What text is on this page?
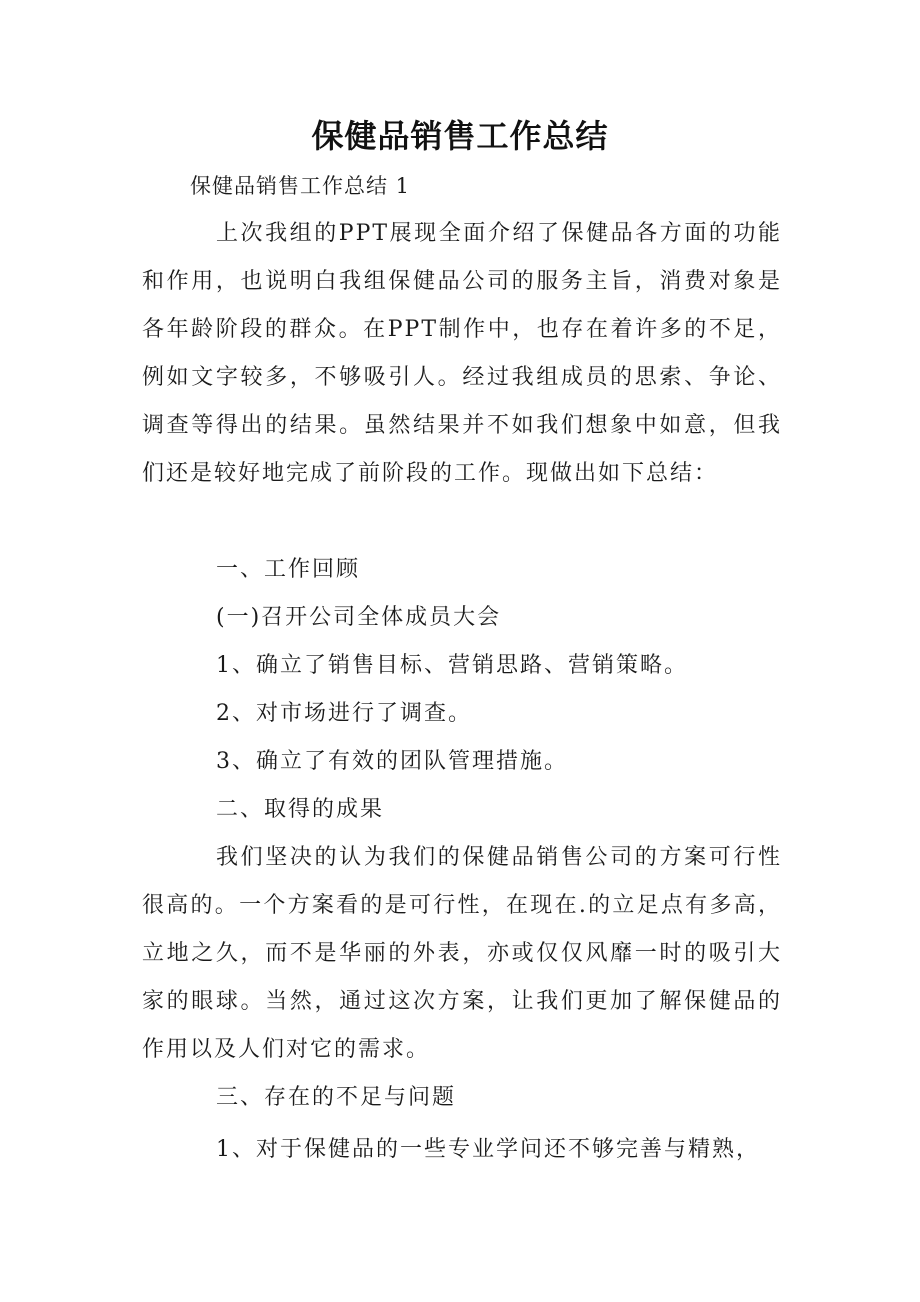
保健品销售工作总结
保健品销售工作总结 1

上次我组的PPT展现全面介绍了保健品各方面的功能和作用，也说明白我组保健品公司的服务主旨，消费对象是各年龄阶段的群众。在PPT制作中，也存在着许多的不足，例如文字较多，不够吸引人。经过我组成员的思索、争论、调查等得出的结果。虽然结果并不如我们想象中如意，但我们还是较好地完成了前阶段的工作。现做出如下总结：

一、工作回顾

(一)召开公司全体成员大会

1、确立了销售目标、营销思路、营销策略。

2、对市场进行了调查。

3、确立了有效的团队管理措施。

二、取得的成果

我们坚决的认为我们的保健品销售公司的方案可行性很高的。一个方案看的是可行性，在现在.的立足点有多高，立地之久，而不是华丽的外表，亦或仅仅风靡一时的吸引大家的眼球。当然，通过这次方案，让我们更加了解保健品的作用以及人们对它的需求。

三、存在的不足与问题

1、对于保健品的一些专业学问还不够完善与精熟，
